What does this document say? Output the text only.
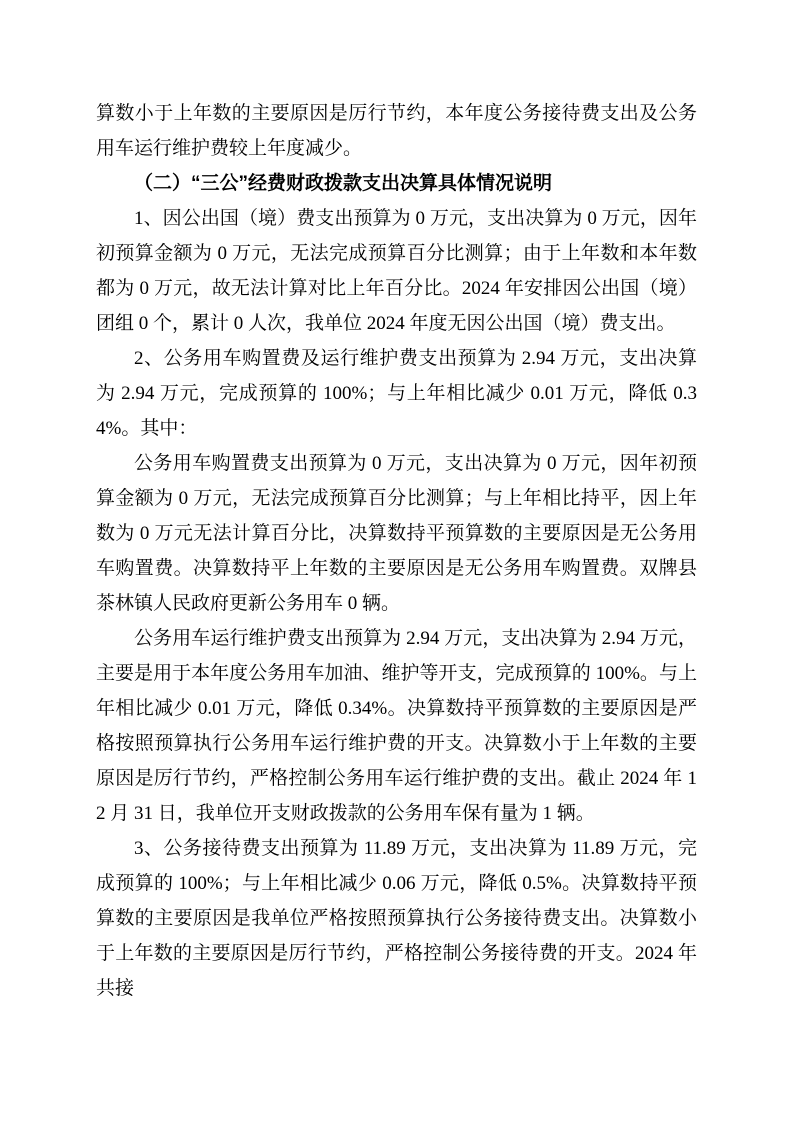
算数小于上年数的主要原因是厉行节约，本年度公务接待费支出及公务用车运行维护费较上年度减少。

（二）“三公”经费财政拨款支出决算具体情况说明

1、因公出国（境）费支出预算为 0 万元，支出决算为 0 万元，因年初预算金额为 0 万元，无法完成预算百分比测算；由于上年数和本年数都为 0 万元，故无法计算对比上年百分比。2024 年安排因公出国（境）团组 0 个，累计 0 人次，我单位 2024 年度无因公出国（境）费支出。

2、公务用车购置费及运行维护费支出预算为 2.94 万元，支出决算为 2.94 万元，完成预算的 100%；与上年相比减少 0.01 万元，降低 0.34%。其中：

公务用车购置费支出预算为 0 万元，支出决算为 0 万元，因年初预算金额为 0 万元，无法完成预算百分比测算；与上年相比持平，因上年数为 0 万元无法计算百分比，决算数持平预算数的主要原因是无公务用车购置费。决算数持平上年数的主要原因是无公务用车购置费。双牌县茶林镇人民政府更新公务用车 0 辆。

公务用车运行维护费支出预算为 2.94 万元，支出决算为 2.94 万元，主要是用于本年度公务用车加油、维护等开支，完成预算的 100%。与上年相比减少 0.01 万元，降低 0.34%。决算数持平预算数的主要原因是严格按照预算执行公务用车运行维护费的开支。决算数小于上年数的主要原因是厉行节约，严格控制公务用车运行维护费的支出。截止 2024 年 12 月 31 日，我单位开支财政拨款的公务用车保有量为 1 辆。

3、公务接待费支出预算为 11.89 万元，支出决算为 11.89 万元，完成预算的 100%；与上年相比减少 0.06 万元，降低 0.5%。决算数持平预算数的主要原因是我单位严格按照预算执行公务接待费支出。决算数小于上年数的主要原因是厉行节约，严格控制公务接待费的开支。2024 年共接
